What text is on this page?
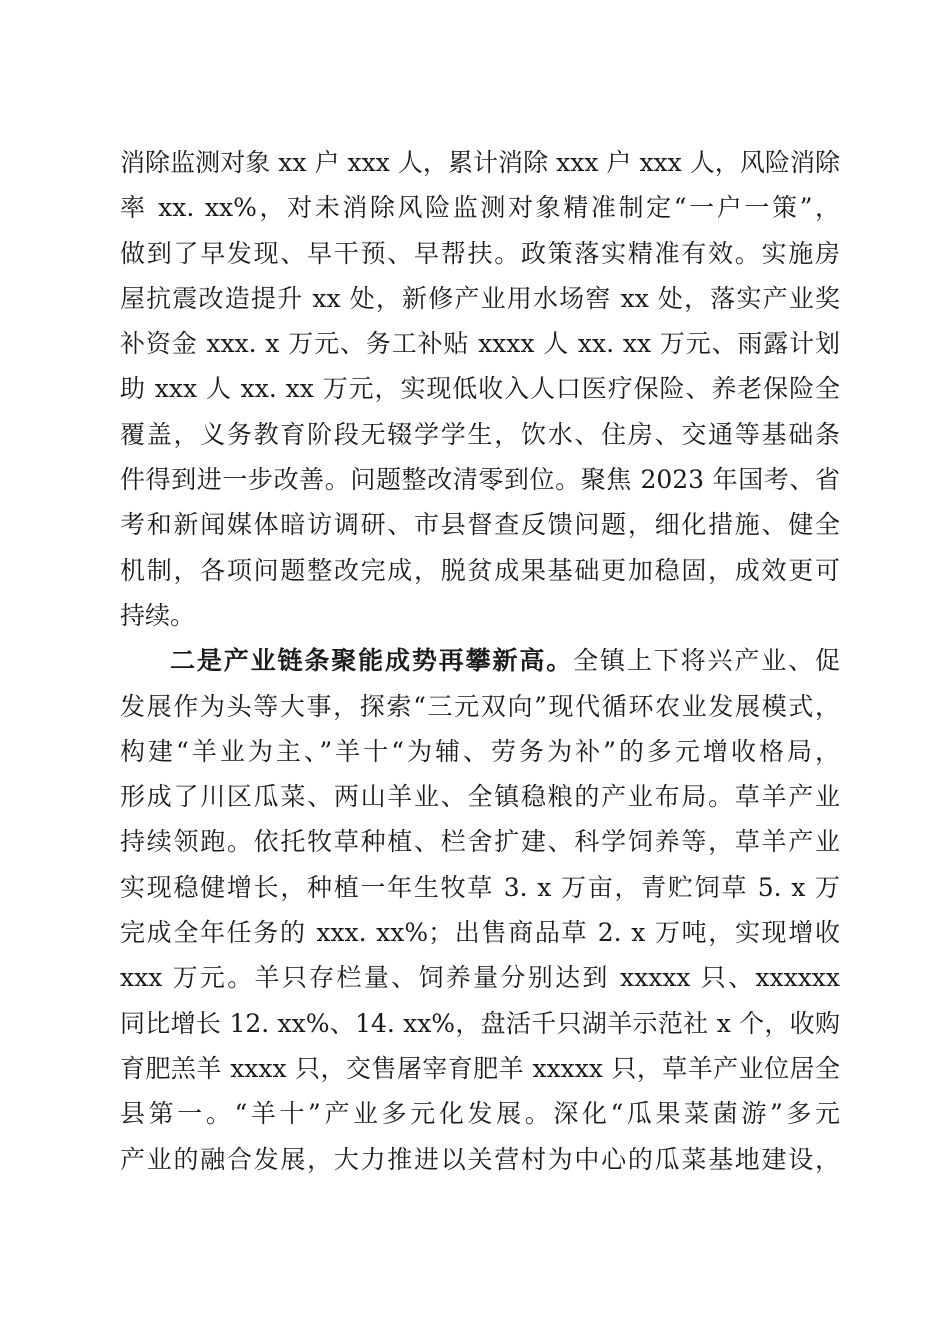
消除监测对象 xx 户 xxx 人，累计消除 xxx 户 xxx 人，风险消除
率 xx. xx%，对未消除风险监测对象精准制定“一户一策”，
做到了早发现、早干预、早帮扶。政策落实精准有效。实施房
屋抗震改造提升 xx 处，新修产业用水场窖 xx 处，落实产业奖
补资金 xxx. x 万元、务工补贴 xxxx 人 xx. xx 万元、雨露计划
助 xxx 人 xx. xx 万元，实现低收入人口医疗保险、养老保险全
覆盖，义务教育阶段无辍学学生，饮水、住房、交通等基础条
件得到进一步改善。问题整改清零到位。聚焦 2023 年国考、省
考和新闻媒体暗访调研、市县督查反馈问题，细化措施、健全
机制，各项问题整改完成，脱贫成果基础更加稳固，成效更可
持续。
二是产业链条聚能成势再攀新高。全镇上下将兴产业、促
发展作为头等大事，探索“三元双向”现代循环农业发展模式，
构建“羊业为主、”羊十“为辅、劳务为补”的多元增收格局，
形成了川区瓜菜、两山羊业、全镇稳粮的产业布局。草羊产业
持续领跑。依托牧草种植、栏舍扩建、科学饲养等，草羊产业
实现稳健增长，种植一年生牧草 3. x 万亩，青贮饲草 5. x 万
完成全年任务的 xxx. xx%；出售商品草 2. x 万吨，实现增收
xxx 万元。羊只存栏量、饲养量分别达到 xxxxx 只、xxxxxx
同比增长 12. xx%、14. xx%，盘活千只湖羊示范社 x 个，收购
育肥羔羊 xxxx 只，交售屠宰育肥羊 xxxxx 只，草羊产业位居全
县第一。“羊十”产业多元化发展。深化“瓜果菜菌游”多元
产业的融合发展，大力推进以关营村为中心的瓜菜基地建设，
